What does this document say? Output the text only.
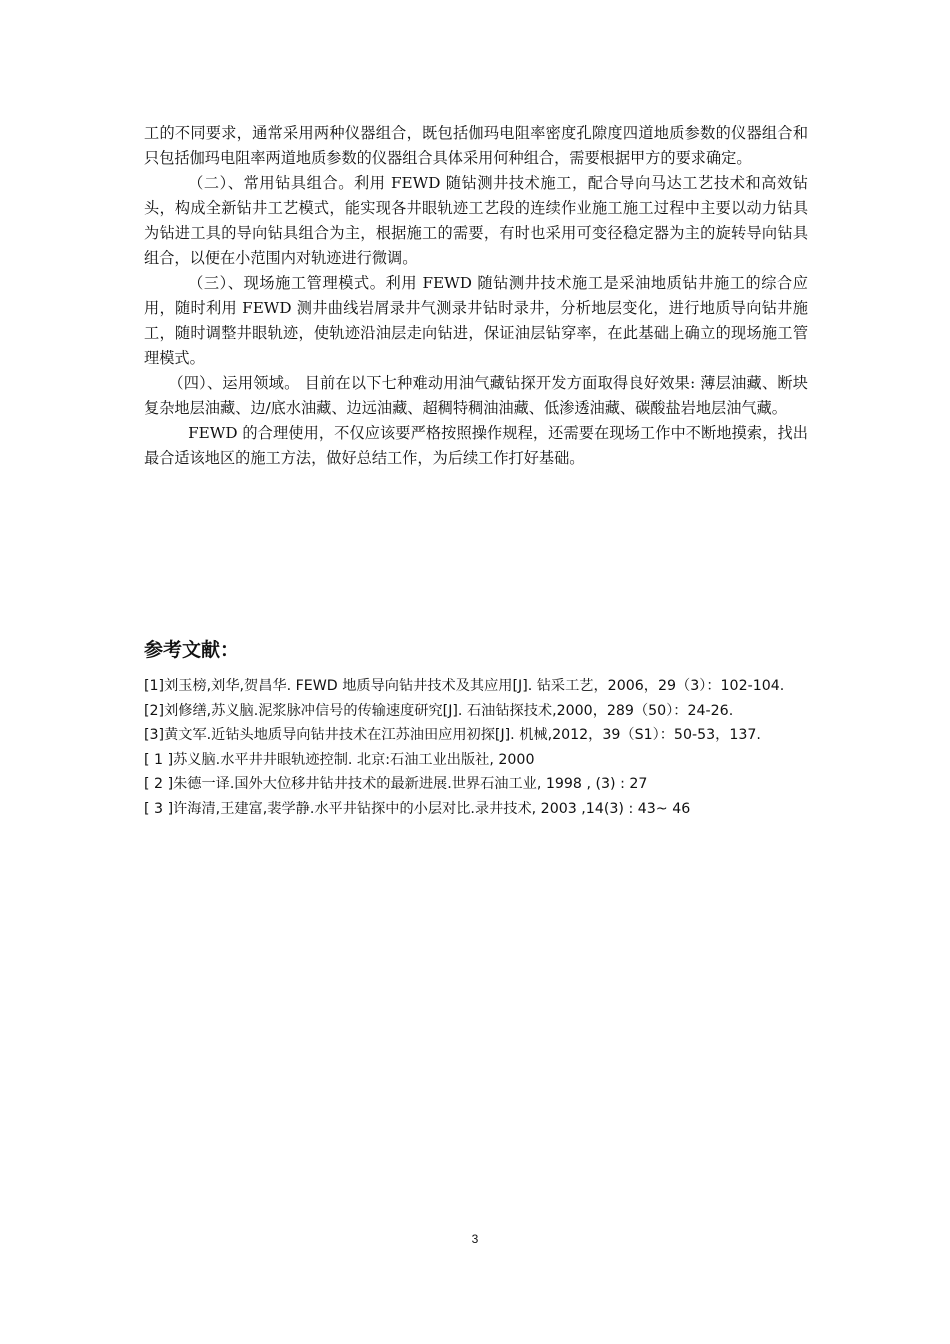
工的不同要求，通常采用两种仪器组合，既包括伽玛电阻率密度孔隙度四道地质参数的仪器组合和只包括伽玛电阻率两道地质参数的仪器组合具体采用何种组合，需要根据甲方的要求确定。

（二）、常用钻具组合。利用 FEWD 随钻测井技术施工，配合导向马达工艺技术和高效钻头，构成全新钻井工艺模式，能实现各井眼轨迹工艺段的连续作业施工施工过程中主要以动力钻具为钻进工具的导向钻具组合为主，根据施工的需要，有时也采用可变径稳定器为主的旋转导向钻具组合，以便在小范围内对轨迹进行微调。

（三）、现场施工管理模式。利用 FEWD 随钻测井技术施工是采油地质钻井施工的综合应用，随时利用 FEWD 测井曲线岩屑录井气测录井钻时录井，分析地层变化，进行地质导向钻井施工，随时调整井眼轨迹，使轨迹沿油层走向钻进，保证油层钻穿率，在此基础上确立的现场施工管理模式。

（四）、运用领域。 目前在以下七种难动用油气藏钻探开发方面取得良好效果: 薄层油藏、断块复杂地层油藏、边/底水油藏、边远油藏、超稠特稠油油藏、低渗透油藏、碳酸盐岩地层油气藏。

FEWD 的合理使用，不仅应该要严格按照操作规程，还需要在现场工作中不断地摸索，找出最合适该地区的施工方法，做好总结工作，为后续工作打好基础。

参考文献：
[1]刘玉榜,刘华,贺昌华. FEWD 地质导向钻井技术及其应用[J]. 钻采工艺，2006，29（3）：102-104.
[2]刘修缮,苏义脑.泥浆脉冲信号的传输速度研究[J]. 石油钻探技术,2000，289（50）：24-26.
[3]黄文军.近钻头地质导向钻井技术在江苏油田应用初探[J]. 机械,2012，39（S1）：50-53，137.
[ 1 ]苏义脑.水平井井眼轨迹控制. 北京:石油工业出版社, 2000
[ 2 ]朱德一译.国外大位移井钻井技术的最新进展.世界石油工业, 1998 , (3) : 27
[ 3 ]许海清,王建富,裴学静.水平井钻探中的小层对比.录井技术, 2003 ,14(3) : 43~ 46
3
